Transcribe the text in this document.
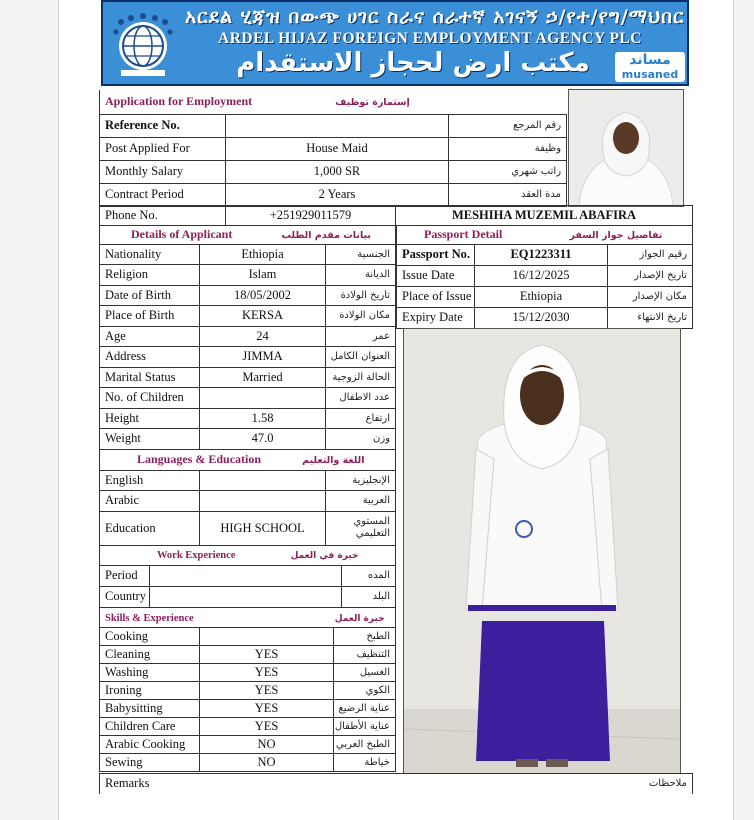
አርደል ሂጃዝ በውጭ ሀገር ስራና ሰራተኛ አገናኝ ኃ/የተ/የግ/ማህበር
ARDEL HIJAZ FOREIGN EMPLOYMENT AGENCY PLC
مكتب ارض لحجاز الاستقدام	مساند
musaned
Application for Employment إستمارة توظيف		
Reference No.		رقم المرجع
Post Applied For	House Maid	وظيفة
Monthly Salary	1,000 SR	راتب شهري
Contract Period	2 Years	مدة العقد
Phone No.	+251929011579	MESHIHA MUZEMIL ABAFIRA
Details of Applicant بيانات مقدم الطلب		
Nationality	Ethiopia	الجنسية
Religion	Islam	الديانة
Date of Birth	18/05/2002	تاريخ الولادة
Place of Birth	KERSA	مكان الولادة
Age	24	عمر
Address	JIMMA	العنوان الكامل
Marital Status	Married	الحالة الزوجية
No. of Children		عدد الاطفال
Height	1.58	ارتفاع
Weight	47.0	وزن
Passport Detail تفاصيل جواز السفر		
Passport No.	EQ1223311	رقيم الجواز
Issue Date	16/12/2025	تاريخ الإصدار
Place of Issue	Ethiopia	مكان الإصدار
Expiry Date	15/12/2030	تاريخ الانتهاء
Languages & Education اللغة والتعليم		
English		الإنجليزية
Arabic		العربية
Education	HIGH SCHOOL	المستوي التعليمي
Work Experience خبرة في العمل		
Period		المده
Country		البلد
Skills & Experience خبرة العمل		
Cooking		الطبخ
Cleaning	YES	التنظيف
Washing	YES	الغسيل
Ironing	YES	الكوي
Babysitting	YES	عناية الرضيع
Children Care	YES	عناية الأطفال
Arabic Cooking	NO	الطبخ العربي
Sewing	NO	خياطة
Remarks	ملاحظات
